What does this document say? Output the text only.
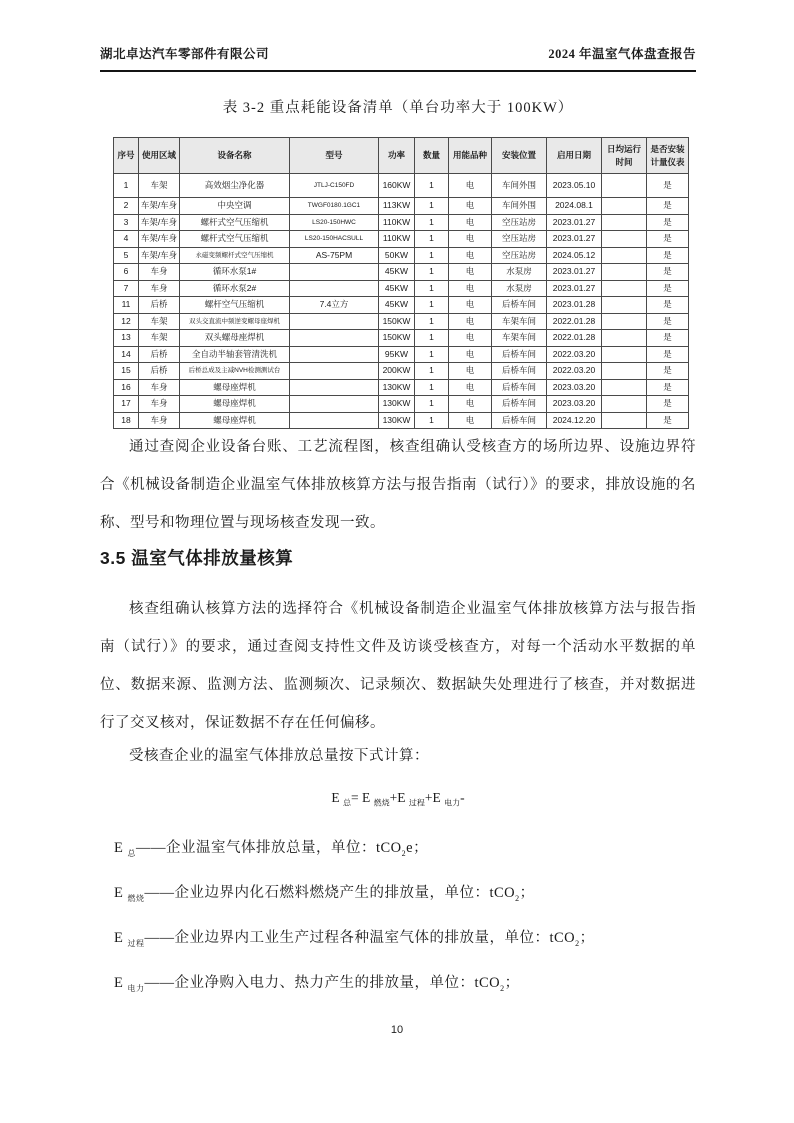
湖北卓达汽车零部件有限公司	2024 年温室气体盘查报告
表 3-2 重点耗能设备清单（单台功率大于 100KW）
序号	使用区域	设备名称	型号	功率	数量	用能品种	安装位置	启用日期	日均运行时间	是否安装计量仪表
1	车架	高效烟尘净化器	JTLJ-C150FD	160KW	1	电	车间外围	2023.05.10		是
2	车架/车身	中央空调	TWGF0180.1GC1	113KW	1	电	车间外围	2024.08.1		是
3	车架/车身	螺杆式空气压缩机	LS20-150HWC	110KW	1	电	空压站房	2023.01.27		是
4	车架/车身	螺杆式空气压缩机	LS20-150HACSULL	110KW	1	电	空压站房	2023.01.27		是
5	车架/车身	永磁变频螺杆式空气压缩机	AS-75PM	50KW	1	电	空压站房	2024.05.12		是
6	车身	循环水泵1#		45KW	1	电	水泵房	2023.01.27		是
7	车身	循环水泵2#		45KW	1	电	水泵房	2023.01.27		是
11	后桥	螺杆空气压缩机	7.4立方	45KW	1	电	后桥车间	2023.01.28		是
12	车架	双头交直流中频逆变螺母座焊机		150KW	1	电	车架车间	2022.01.28		是
13	车架	双头螺母座焊机		150KW	1	电	车架车间	2022.01.28		是
14	后桥	全自动半轴套管清洗机		95KW	1	电	后桥车间	2022.03.20		是
15	后桥	后桥总成及主减NVH检测测试台		200KW	1	电	后桥车间	2022.03.20		是
16	车身	螺母座焊机		130KW	1	电	后桥车间	2023.03.20		是
17	车身	螺母座焊机		130KW	1	电	后桥车间	2023.03.20		是
18	车身	螺母座焊机		130KW	1	电	后桥车间	2024.12.20		是

通过查阅企业设备台账、工艺流程图，核查组确认受核查方的场所边界、设施边界符合《机械设备制造企业温室气体排放核算方法与报告指南（试行）》的要求，排放设施的名称、型号和物理位置与现场核查发现一致。

3.5 温室气体排放量核算

核查组确认核算方法的选择符合《机械设备制造企业温室气体排放核算方法与报告指南（试行）》的要求，通过查阅支持性文件及访谈受核查方，对每一个活动水平数据的单位、数据来源、监测方法、监测频次、记录频次、数据缺失处理进行了核查，并对数据进行了交叉核对，保证数据不存在任何偏移。

受核查企业的温室气体排放总量按下式计算：

E $_总$= E $_{燃烧}$+E $_{过程}$+E $_{电力}$-
E $_总$——企业温室气体排放总量，单位：tCO$_2$e；
E $_{燃烧}$——企业边界内化石燃料燃烧产生的排放量，单位：tCO$_2$；
E $_{过程}$——企业边界内工业生产过程各种温室气体的排放量，单位：tCO$_2$；
E $_{电力}$——企业净购入电力、热力产生的排放量，单位：tCO$_2$；
10
